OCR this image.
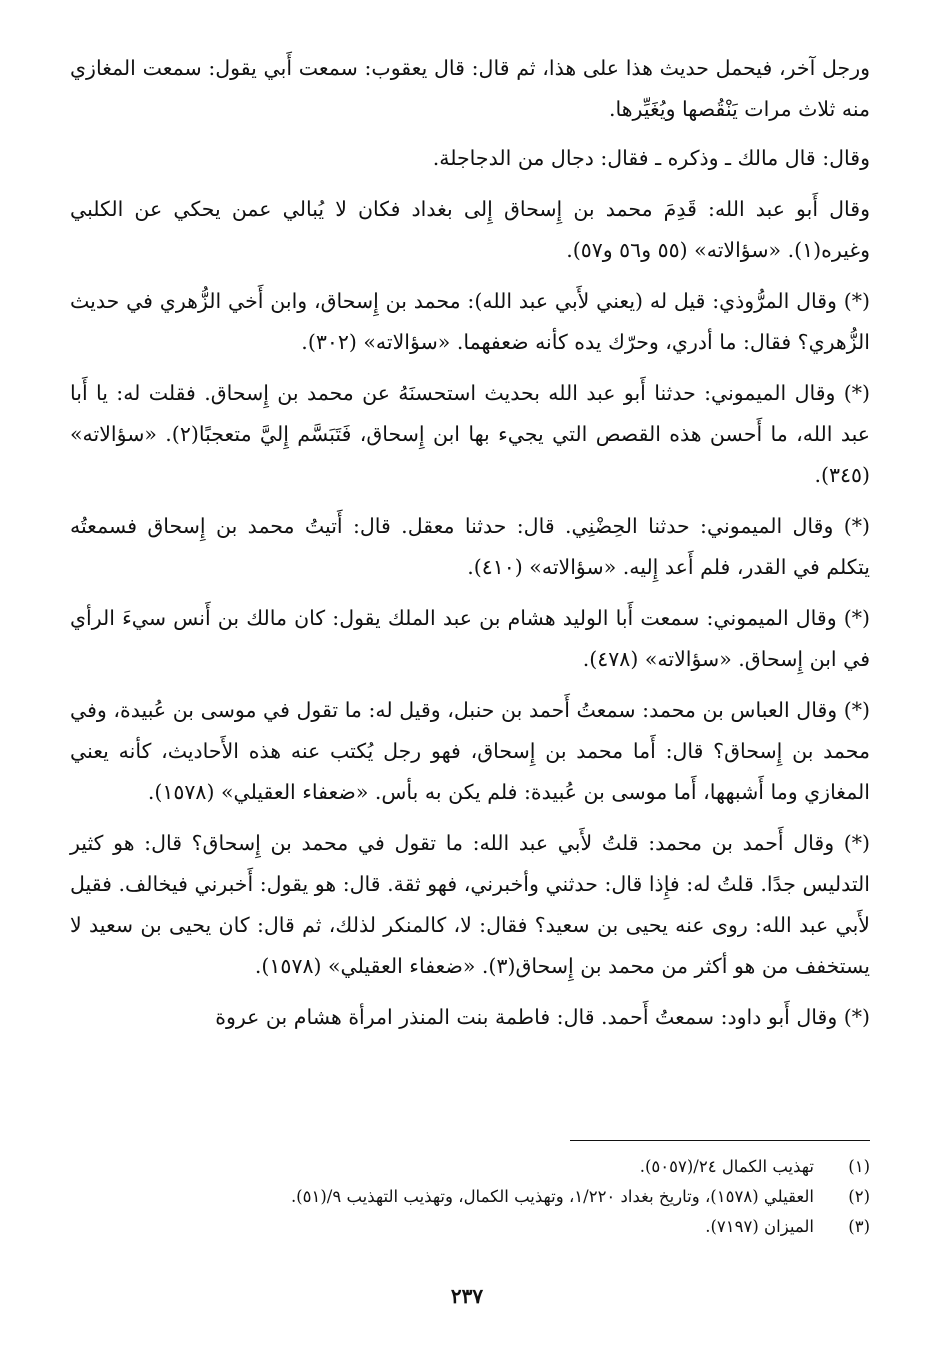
ورجل آخر، فيحمل حديث هذا على هذا، ثم قال: قال يعقوب: سمعت أَبي يقول: سمعت المغازي منه ثلاث مرات يَنْقُصها ويُغَيِّرها.

وقال: قال مالك ـ وذكره ـ فقال: دجال من الدجاجلة.

وقال أَبو عبد الله: قَدِمَ محمد بن إِسحاق إِلى بغداد فكان لا يُبالي عمن يحكي عن الكلبي وغيره(١). «سؤالاته» (٥٥ و٥٦ و٥٧).

(*) وقال المرُّوذي: قيل له (يعني لأَبي عبد الله): محمد بن إِسحاق، وابن أَخي الزُّهري في حديث الزُّهري؟ فقال: ما أدري، وحرّك يده كأنه ضعفهما. «سؤالاته» (٣٠٢).

(*) وقال الميموني: حدثنا أَبو عبد الله بحديث استحسنَهُ عن محمد بن إِسحاق. فقلت له: يا أَبا عبد الله، ما أَحسن هذه القصص التي يجيء بها ابن إِسحاق، فَتَبَسَّم إِليَّ متعجبًا(٢). «سؤالاته» (٣٤٥).

(*) وقال الميموني: حدثنا الحِضْنِي. قال: حدثنا معقل. قال: أَتيتُ محمد بن إِسحاق فسمعتُه يتكلم في القدر، فلم أَعد إِليه. «سؤالاته» (٤١٠).

(*) وقال الميموني: سمعت أَبا الوليد هشام بن عبد الملك يقول: كان مالك بن أَنس سيءَ الرأي في ابن إِسحاق. «سؤالاته» (٤٧٨).

(*) وقال العباس بن محمد: سمعتُ أَحمد بن حنبل، وقيل له: ما تقول في موسى بن عُبيدة، وفي محمد بن إِسحاق؟ قال: أَما محمد بن إِسحاق، فهو رجل يُكتب عنه هذه الأَحاديث، كأنه يعني المغازي وما أَشبهها، أَما موسى بن عُبيدة: فلم يكن به بأس. «ضعفاء العقيلي» (١٥٧٨).

(*) وقال أَحمد بن محمد: قلتُ لأَبي عبد الله: ما تقول في محمد بن إِسحاق؟ قال: هو كثير التدليس جدًا. قلتُ له: فإِذا قال: حدثني وأخبرني، فهو ثقة. قال: هو يقول: أَخبرني فيخالف. فقيل لأَبي عبد الله: روى عنه يحيى بن سعيد؟ فقال: لا، كالمنكر لذلك، ثم قال: كان يحيى بن سعيد لا يستخفف من هو أكثر من محمد بن إِسحاق(٣). «ضعفاء العقيلي» (١٥٧٨).

(*) وقال أَبو داود: سمعتُ أَحمد. قال: فاطمة بنت المنذر امرأة هشام بن عروة

(١)
تهذيب الكمال ٢٤/(٥٠٥٧).
(٢)
العقيلي (١٥٧٨)، وتاريخ بغداد ١/٢٢٠، وتهذيب الكمال، وتهذيب التهذيب ٩/(٥١).
(٣)
الميزان (٧١٩٧).
٢٣٧
